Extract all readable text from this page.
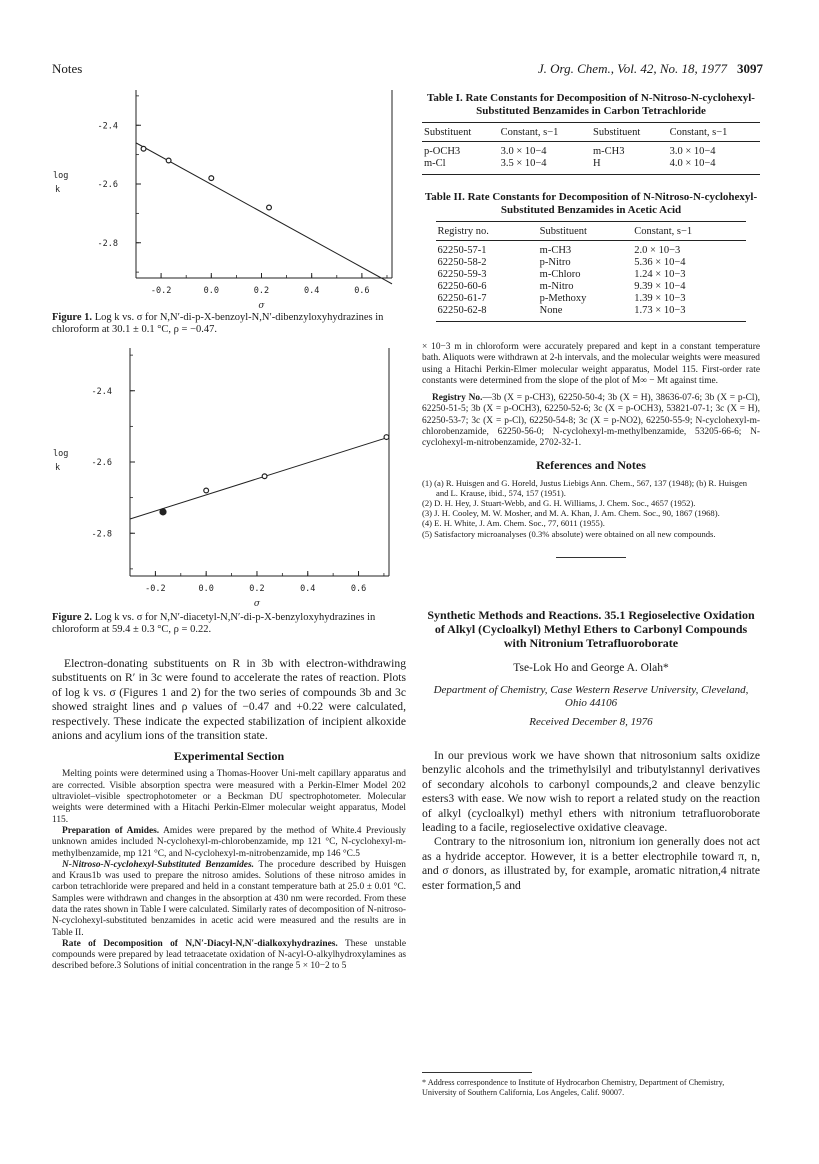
Notes	J. Org. Chem., Vol. 42, No. 18, 1977 3097
-2.4
-2.6
-2.8
-0.2	0.0	0.2	0.4	0.6
log
k
σ

Figure 1. Log k vs. σ for N,N′-di-p-X-benzoyl-N,N′-dibenzyloxyhydrazines in chloroform at 30.1 ± 0.1 °C, ρ = −0.47.

-2.4
-2.6
-2.8
-0.2	0.0	0.2	0.4	0.6
log
k
σ

Figure 2. Log k vs. σ for N,N′-diacetyl-N,N′-di-p-X-benzyloxyhydrazines in chloroform at 59.4 ± 0.3 °C, ρ = 0.22.

Electron-donating substituents on R in 3b with electron-withdrawing substituents on R′ in 3c were found to accelerate the rates of reaction. Plots of log k vs. σ (Figures 1 and 2) for the two series of compounds 3b and 3c showed straight lines and ρ values of −0.47 and +0.22 were calculated, respectively. These indicate the expected stabilization of incipient alkoxide anions and acylium ions of the transition state.

Experimental Section

Melting points were determined using a Thomas-Hoover Uni-melt capillary apparatus and are corrected. Visible absorption spectra were measured with a Perkin-Elmer Model 202 ultraviolet–visible spectrophotometer or a Beckman DU spectrophotometer. Molecular weights were determined with a Hitachi Perkin-Elmer molecular weight apparatus, Model 115.

Preparation of Amides. Amides were prepared by the method of White.4 Previously unknown amides included N-cyclohexyl-m-chlorobenzamide, mp 121 °C, N-cyclohexyl-m-methylbenzamide, mp 121 °C, and N-cyclohexyl-m-nitrobenzamide, mp 146 °C.5

N-Nitroso-N-cyclohexyl-Substituted Benzamides. The procedure described by Huisgen and Kraus1b was used to prepare the nitroso amides. Solutions of these nitroso amides in carbon tetrachloride were prepared and held in a constant temperature bath at 25.0 ± 0.01 °C. Samples were withdrawn and changes in the absorption at 430 nm were recorded. From these data the rates shown in Table I were calculated. Similarly rates of decomposition of N-nitroso-N-cyclohexyl-substituted benzamides in acetic acid were measured and the results are in Table II.

Rate of Decomposition of N,N′-Diacyl-N,N′-dialkoxyhydrazines. These unstable compounds were prepared by lead tetraacetate oxidation of N-acyl-O-alkylhydroxylamines as described before.3 Solutions of initial concentration in the range 5 × 10−2 to 5

Table I. Rate Constants for Decomposition of N-Nitroso-N-cyclohexyl-Substituted Benzamides in Carbon Tetrachloride
Substituent	Constant, s−1	Substituent	Constant, s−1
p-OCH3	3.0 × 10−4	m-CH3	3.0 × 10−4
m-Cl	3.5 × 10−4	H	4.0 × 10−4
Table II. Rate Constants for Decomposition of N-Nitroso-N-cyclohexyl-Substituted Benzamides in Acetic Acid
Registry no.	Substituent	Constant, s−1
62250-57-1	m-CH3	2.0 × 10−3
62250-58-2	p-Nitro	5.36 × 10−4
62250-59-3	m-Chloro	1.24 × 10−3
62250-60-6	m-Nitro	9.39 × 10−4
62250-61-7	p-Methoxy	1.39 × 10−3
62250-62-8	None	1.73 × 10−3

× 10−3 m in chloroform were accurately prepared and kept in a constant temperature bath. Aliquots were withdrawn at 2-h intervals, and the molecular weights were measured using a Hitachi Perkin-Elmer molecular weight apparatus, Model 115. First-order rate constants were determined from the slope of the plot of M∞ − Mt against time.

Registry No.—3b (X = p-CH3), 62250-50-4; 3b (X = H), 38636-07-6; 3b (X = p-Cl), 62250-51-5; 3b (X = p-OCH3), 62250-52-6; 3c (X = p-OCH3), 53821-07-1; 3c (X = H), 62250-53-7; 3c (X = p-Cl), 62250-54-8; 3c (X = p-NO2), 62250-55-9; N-cyclohexyl-m-chlorobenzamide, 62250-56-0; N-cyclohexyl-m-methylbenzamide, 53205-66-6; N-cyclohexyl-m-nitrobenzamide, 2702-32-1.

References and Notes
(1) (a) R. Huisgen and G. Horeld, Justus Liebigs Ann. Chem., 567, 137 (1948); (b) R. Huisgen and L. Krause, ibid., 574, 157 (1951).
(2) D. H. Hey, J. Stuart-Webb, and G. H. Williams, J. Chem. Soc., 4657 (1952).
(3) J. H. Cooley, M. W. Mosher, and M. A. Khan, J. Am. Chem. Soc., 90, 1867 (1968).
(4) E. H. White, J. Am. Chem. Soc., 77, 6011 (1955).
(5) Satisfactory microanalyses (0.3% absolute) were obtained on all new compounds.

Synthetic Methods and Reactions. 35.1 Regioselective Oxidation of Alkyl (Cycloalkyl) Methyl Ethers to Carbonyl Compounds with Nitronium Tetrafluoroborate

Tse-Lok Ho and George A. Olah*

Department of Chemistry, Case Western Reserve University, Cleveland, Ohio 44106

Received December 8, 1976

In our previous work we have shown that nitrosonium salts oxidize benzylic alcohols and the trimethylsilyl and tributylstannyl derivatives of secondary alcohols to carbonyl compounds,2 and cleave benzylic esters3 with ease. We now wish to report a related study on the reaction of alkyl (cycloalkyl) methyl ethers with nitronium tetrafluoroborate leading to a facile, regioselective oxidative cleavage.

Contrary to the nitrosonium ion, nitronium ion generally does not act as a hydride acceptor. However, it is a better electrophile toward π, n, and σ donors, as illustrated by, for example, aromatic nitration,4 nitrate ester formation,5 and

* Address correspondence to Institute of Hydrocarbon Chemistry, Department of Chemistry, University of Southern California, Los Angeles, Calif. 90007.
